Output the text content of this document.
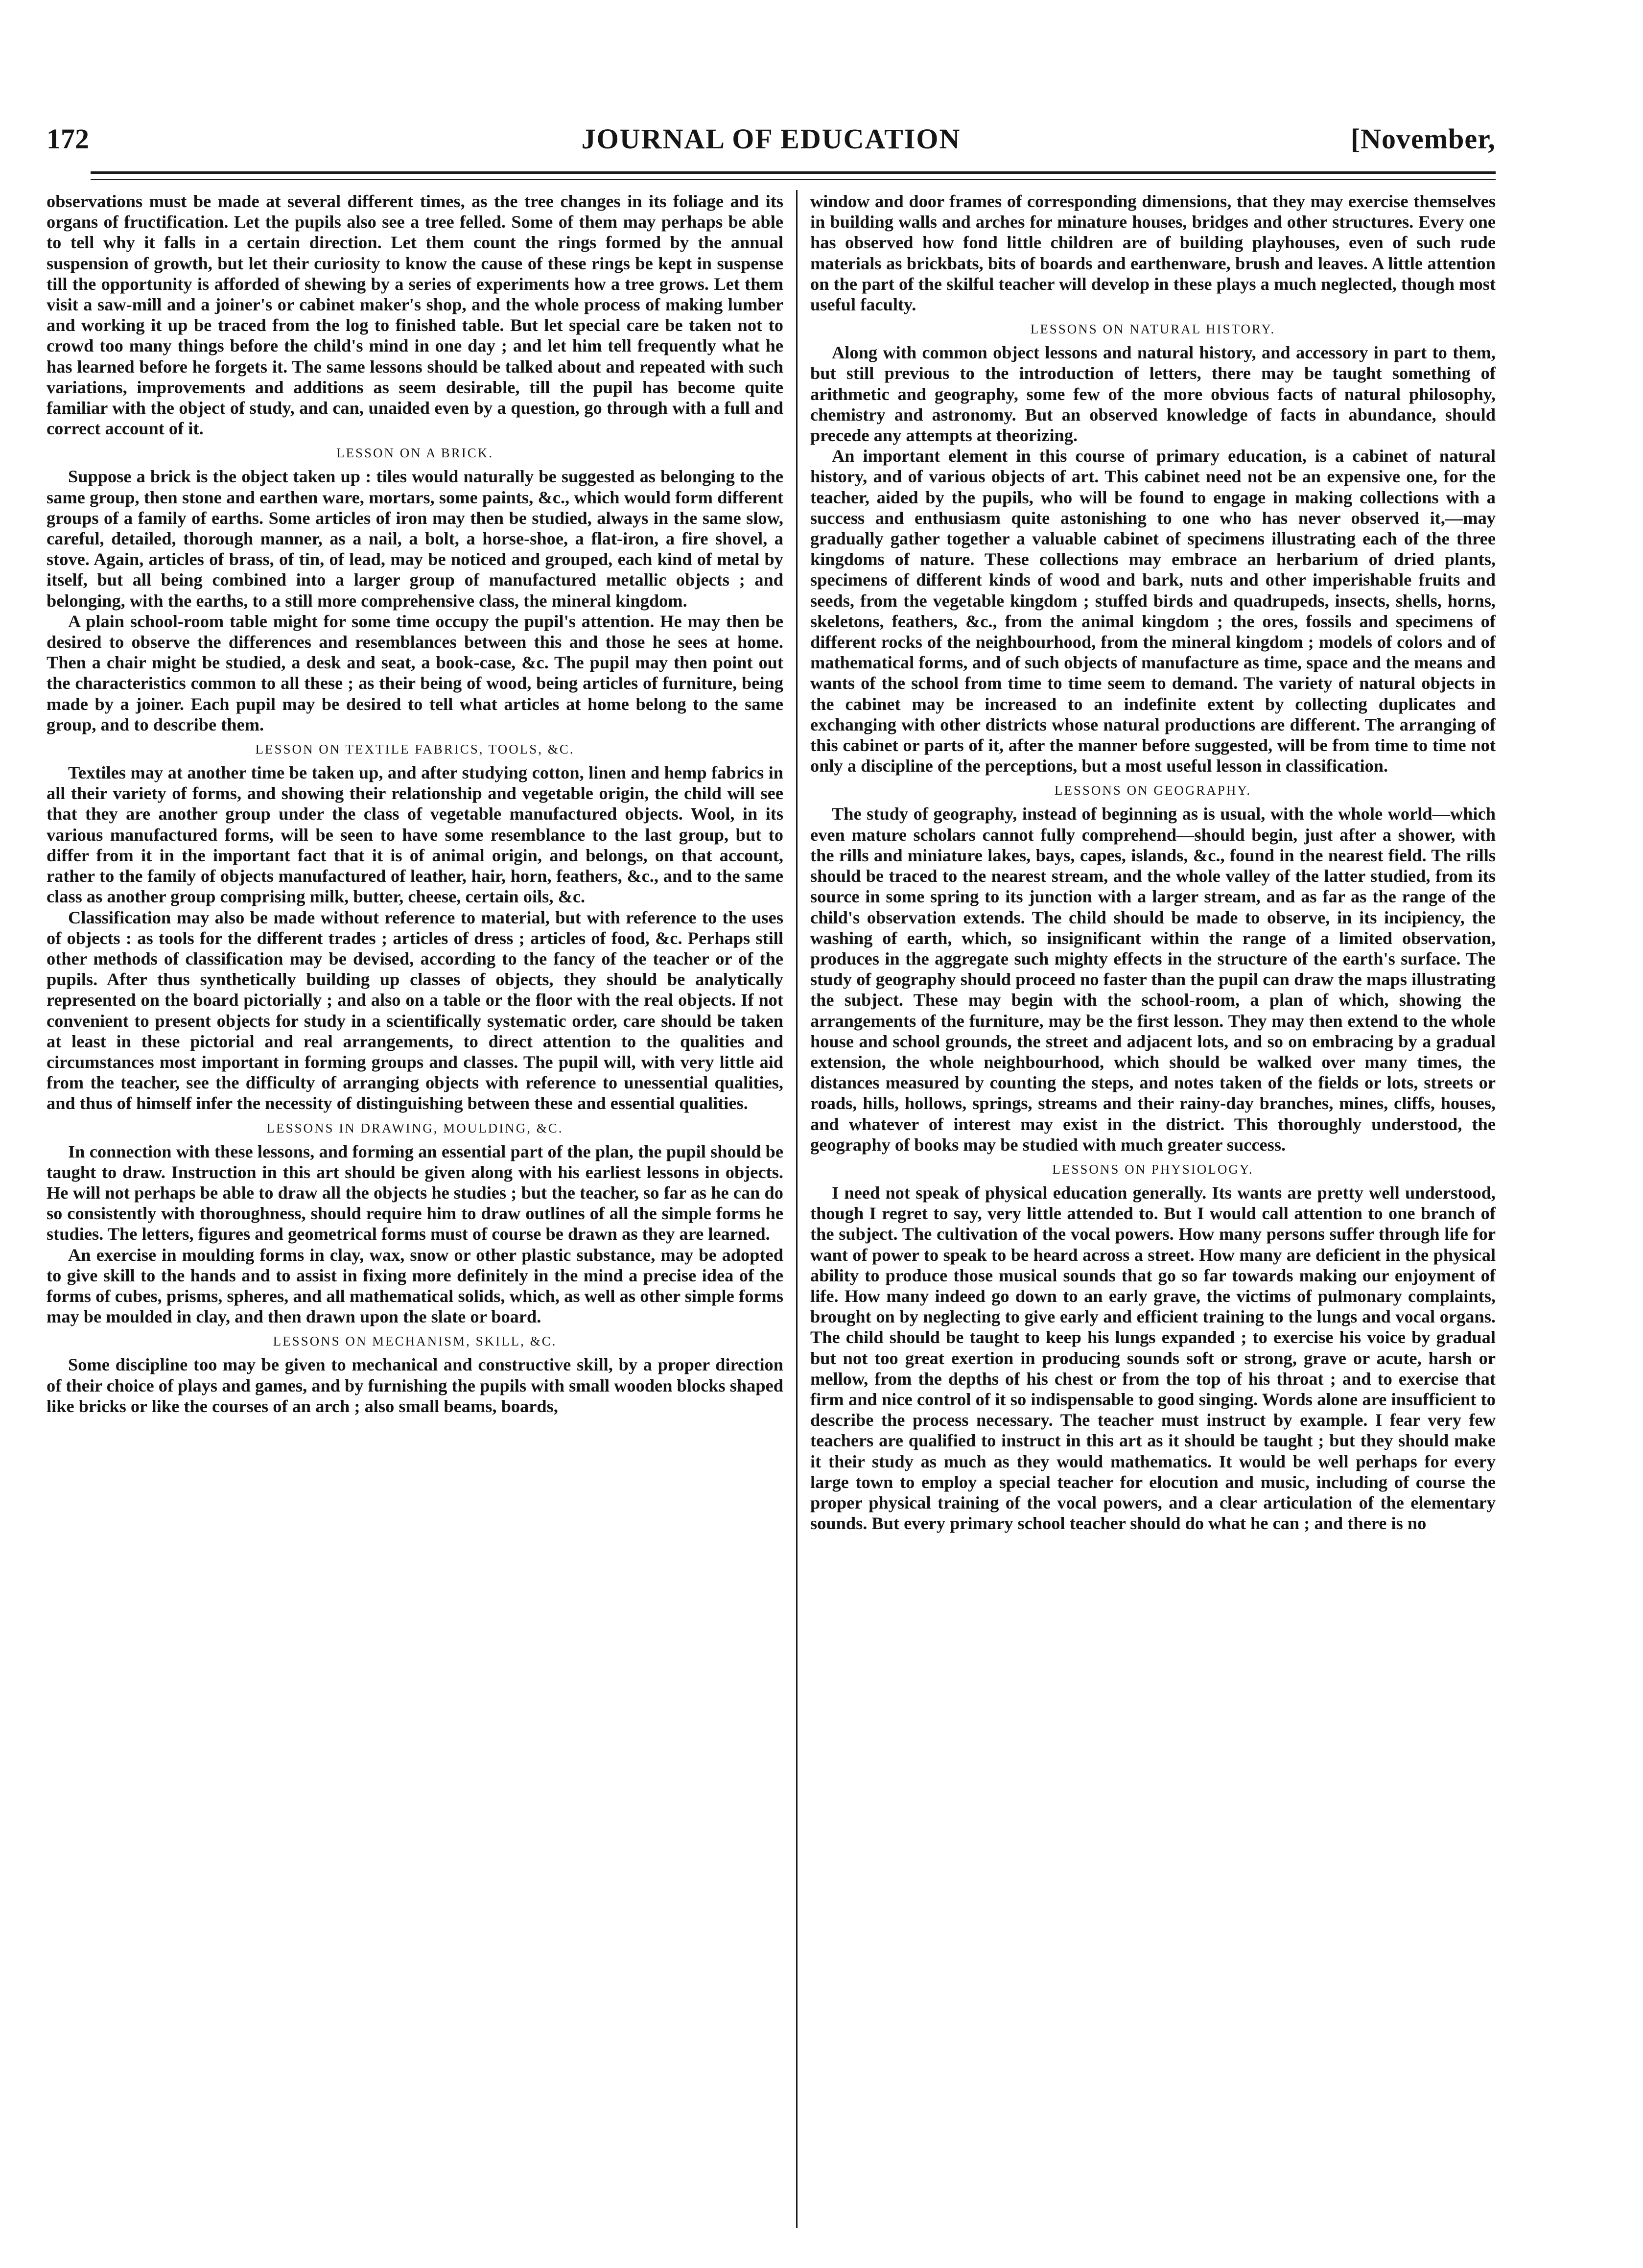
172	JOURNAL OF EDUCATION	[November,

observations must be made at several different times, as the tree changes in its foliage and its organs of fructification. Let the pupils also see a tree felled. Some of them may perhaps be able to tell why it falls in a certain direction. Let them count the rings formed by the annual suspension of growth, but let their curiosity to know the cause of these rings be kept in suspense till the opportunity is afforded of shewing by a series of experiments how a tree grows. Let them visit a saw-mill and a joiner's or cabinet maker's shop, and the whole process of making lumber and working it up be traced from the log to finished table. But let special care be taken not to crowd too many things before the child's mind in one day ; and let him tell frequently what he has learned before he forgets it. The same lessons should be talked about and repeated with such variations, improvements and additions as seem desirable, till the pupil has become quite familiar with the object of study, and can, unaided even by a question, go through with a full and correct account of it.

LESSON ON A BRICK.

Suppose a brick is the object taken up : tiles would naturally be suggested as belonging to the same group, then stone and earthen ware, mortars, some paints, &c., which would form different groups of a family of earths. Some articles of iron may then be studied, always in the same slow, careful, detailed, thorough manner, as a nail, a bolt, a horse-shoe, a flat-iron, a fire shovel, a stove. Again, articles of brass, of tin, of lead, may be noticed and grouped, each kind of metal by itself, but all being combined into a larger group of manufactured metallic objects ; and belonging, with the earths, to a still more comprehensive class, the mineral kingdom.

A plain school-room table might for some time occupy the pupil's attention. He may then be desired to observe the differences and resemblances between this and those he sees at home. Then a chair might be studied, a desk and seat, a book-case, &c. The pupil may then point out the characteristics common to all these ; as their being of wood, being articles of furniture, being made by a joiner. Each pupil may be desired to tell what articles at home belong to the same group, and to describe them.

LESSON ON TEXTILE FABRICS, TOOLS, &C.

Textiles may at another time be taken up, and after studying cotton, linen and hemp fabrics in all their variety of forms, and showing their relationship and vegetable origin, the child will see that they are another group under the class of vegetable manufactured objects. Wool, in its various manufactured forms, will be seen to have some resemblance to the last group, but to differ from it in the important fact that it is of animal origin, and belongs, on that account, rather to the family of objects manufactured of leather, hair, horn, feathers, &c., and to the same class as another group comprising milk, butter, cheese, certain oils, &c.

Classification may also be made without reference to material, but with reference to the uses of objects : as tools for the different trades ; articles of dress ; articles of food, &c. Perhaps still other methods of classification may be devised, according to the fancy of the teacher or of the pupils. After thus synthetically building up classes of objects, they should be analytically represented on the board pictorially ; and also on a table or the floor with the real objects. If not convenient to present objects for study in a scientifically systematic order, care should be taken at least in these pictorial and real arrangements, to direct attention to the qualities and circumstances most important in forming groups and classes. The pupil will, with very little aid from the teacher, see the difficulty of arranging objects with reference to unessential qualities, and thus of himself infer the necessity of distinguishing between these and essential qualities.

LESSONS IN DRAWING, MOULDING, &C.

In connection with these lessons, and forming an essential part of the plan, the pupil should be taught to draw. Instruction in this art should be given along with his earliest lessons in objects. He will not perhaps be able to draw all the objects he studies ; but the teacher, so far as he can do so consistently with thoroughness, should require him to draw outlines of all the simple forms he studies. The letters, figures and geometrical forms must of course be drawn as they are learned.

An exercise in moulding forms in clay, wax, snow or other plastic substance, may be adopted to give skill to the hands and to assist in fixing more definitely in the mind a precise idea of the forms of cubes, prisms, spheres, and all mathematical solids, which, as well as other simple forms may be moulded in clay, and then drawn upon the slate or board.

LESSONS ON MECHANISM, SKILL, &C.

Some discipline too may be given to mechanical and constructive skill, by a proper direction of their choice of plays and games, and by furnishing the pupils with small wooden blocks shaped like bricks or like the courses of an arch ; also small beams, boards,

window and door frames of corresponding dimensions, that they may exercise themselves in building walls and arches for minature houses, bridges and other structures. Every one has observed how fond little children are of building playhouses, even of such rude materials as brickbats, bits of boards and earthenware, brush and leaves. A little attention on the part of the skilful teacher will develop in these plays a much neglected, though most useful faculty.

LESSONS ON NATURAL HISTORY.

Along with common object lessons and natural history, and accessory in part to them, but still previous to the introduction of letters, there may be taught something of arithmetic and geography, some few of the more obvious facts of natural philosophy, chemistry and astronomy. But an observed knowledge of facts in abundance, should precede any attempts at theorizing.

An important element in this course of primary education, is a cabinet of natural history, and of various objects of art. This cabinet need not be an expensive one, for the teacher, aided by the pupils, who will be found to engage in making collections with a success and enthusiasm quite astonishing to one who has never observed it,—may gradually gather together a valuable cabinet of specimens illustrating each of the three kingdoms of nature. These collections may embrace an herbarium of dried plants, specimens of different kinds of wood and bark, nuts and other imperishable fruits and seeds, from the vegetable kingdom ; stuffed birds and quadrupeds, insects, shells, horns, skeletons, feathers, &c., from the animal kingdom ; the ores, fossils and specimens of different rocks of the neighbourhood, from the mineral kingdom ; models of colors and of mathematical forms, and of such objects of manufacture as time, space and the means and wants of the school from time to time seem to demand. The variety of natural objects in the cabinet may be increased to an indefinite extent by collecting duplicates and exchanging with other districts whose natural productions are different. The arranging of this cabinet or parts of it, after the manner before suggested, will be from time to time not only a discipline of the perceptions, but a most useful lesson in classification.

LESSONS ON GEOGRAPHY.

The study of geography, instead of beginning as is usual, with the whole world—which even mature scholars cannot fully comprehend—should begin, just after a shower, with the rills and miniature lakes, bays, capes, islands, &c., found in the nearest field. The rills should be traced to the nearest stream, and the whole valley of the latter studied, from its source in some spring to its junction with a larger stream, and as far as the range of the child's observation extends. The child should be made to observe, in its incipiency, the washing of earth, which, so insignificant within the range of a limited observation, produces in the aggregate such mighty effects in the structure of the earth's surface. The study of geography should proceed no faster than the pupil can draw the maps illustrating the subject. These may begin with the school-room, a plan of which, showing the arrangements of the furniture, may be the first lesson. They may then extend to the whole house and school grounds, the street and adjacent lots, and so on embracing by a gradual extension, the whole neighbourhood, which should be walked over many times, the distances measured by counting the steps, and notes taken of the fields or lots, streets or roads, hills, hollows, springs, streams and their rainy-day branches, mines, cliffs, houses, and whatever of interest may exist in the district. This thoroughly understood, the geography of books may be studied with much greater success.

LESSONS ON PHYSIOLOGY.

I need not speak of physical education generally. Its wants are pretty well understood, though I regret to say, very little attended to. But I would call attention to one branch of the subject. The cultivation of the vocal powers. How many persons suffer through life for want of power to speak to be heard across a street. How many are deficient in the physical ability to produce those musical sounds that go so far towards making our enjoyment of life. How many indeed go down to an early grave, the victims of pulmonary complaints, brought on by neglecting to give early and efficient training to the lungs and vocal organs. The child should be taught to keep his lungs expanded ; to exercise his voice by gradual but not too great exertion in producing sounds soft or strong, grave or acute, harsh or mellow, from the depths of his chest or from the top of his throat ; and to exercise that firm and nice control of it so indispensable to good singing. Words alone are insufficient to describe the process necessary. The teacher must instruct by example. I fear very few teachers are qualified to instruct in this art as it should be taught ; but they should make it their study as much as they would mathematics. It would be well perhaps for every large town to employ a special teacher for elocution and music, including of course the proper physical training of the vocal powers, and a clear articulation of the elementary sounds. But every primary school teacher should do what he can ; and there is no
